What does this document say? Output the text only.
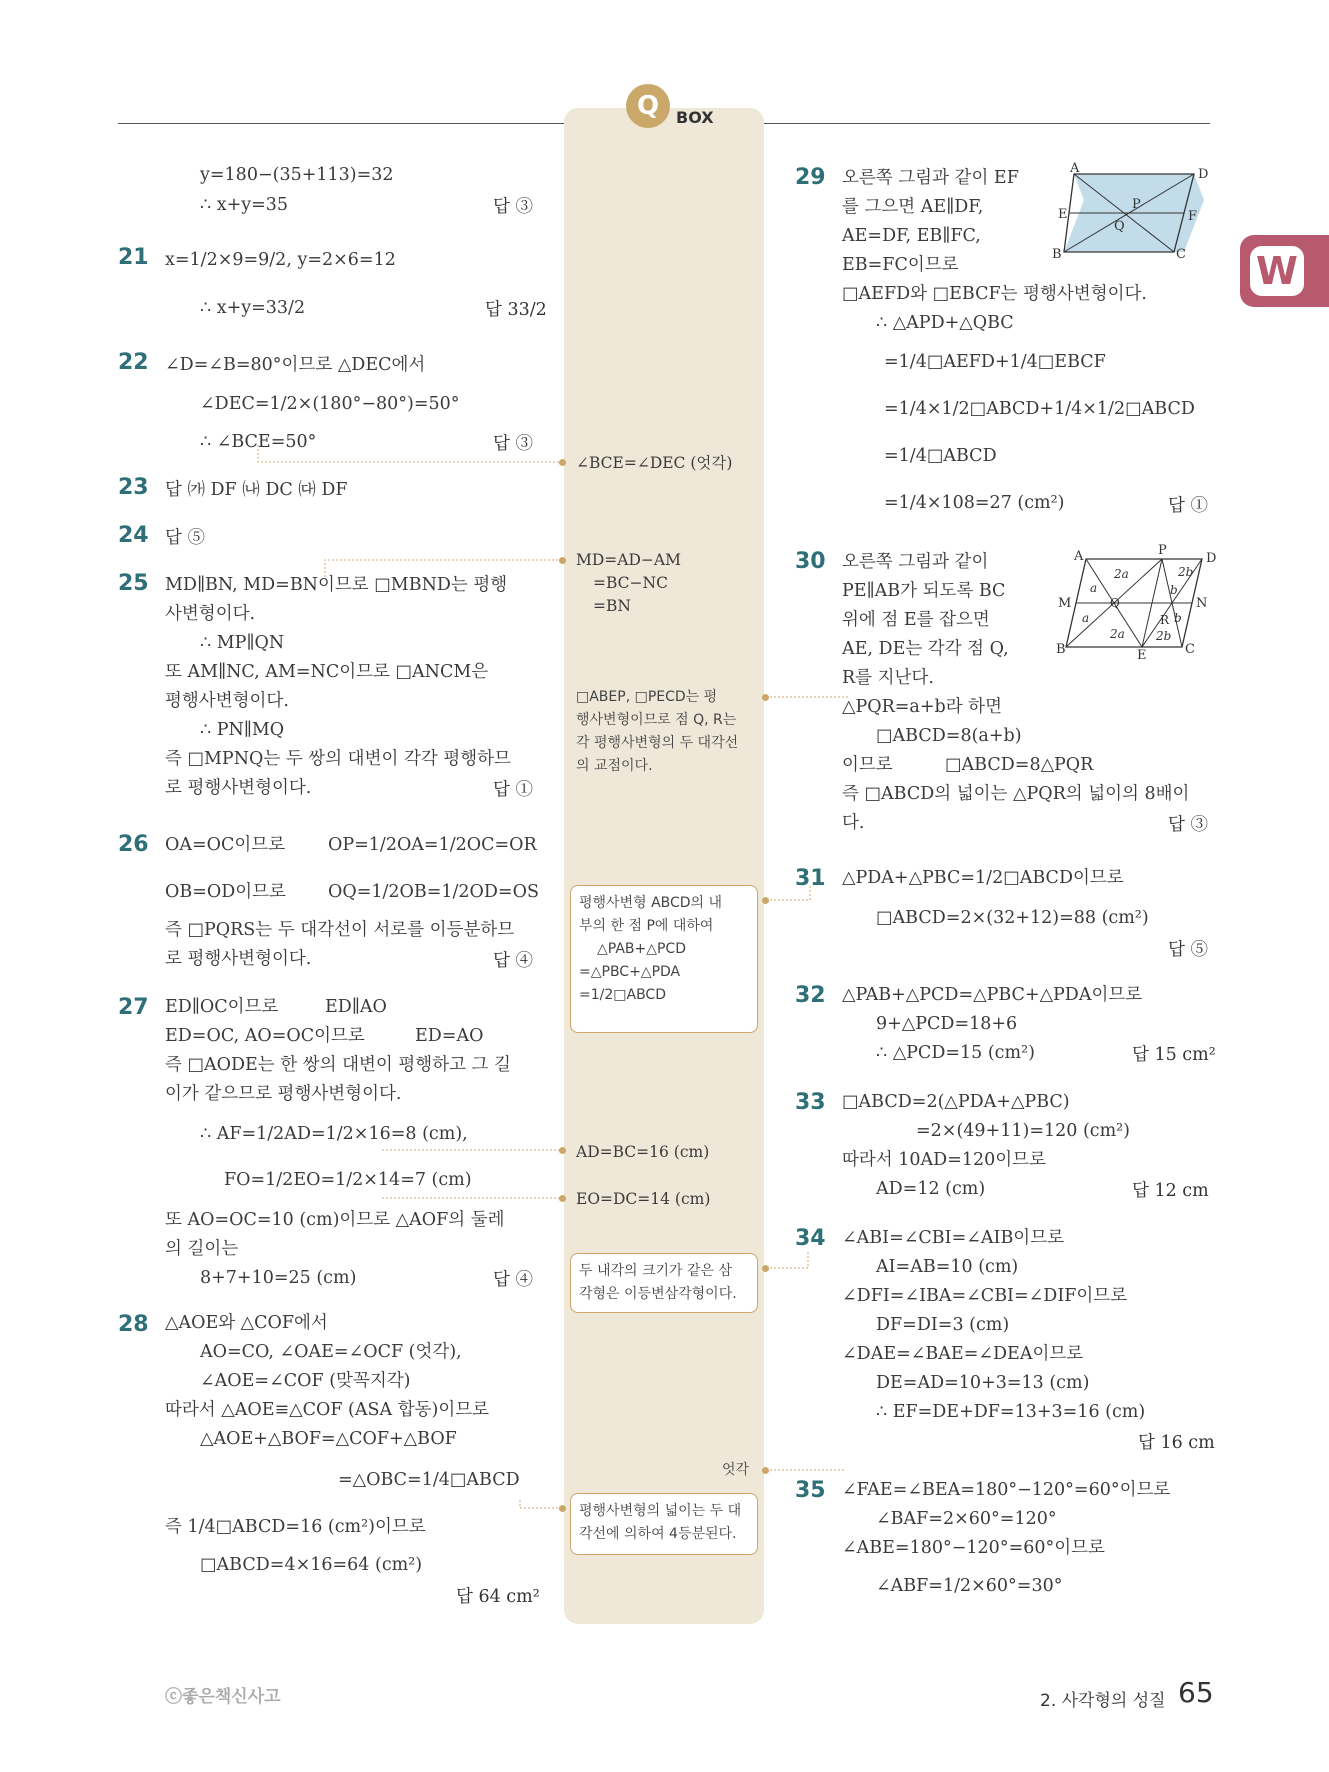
Q	BOX
W
y=180−(35+113)=32
∴ x+y=35	답 ③
21 x=1/2×9=9/2, y=2×6=12
∴ x+y=33/2	답 33/2
22 ∠D=∠B=80°이므로 △DEC에서
∠DEC=1/2×(180°−80°)=50°
∴ ∠BCE=50°	답 ③
23 답 ㈎ DF ㈏ DC ㈐ DF
24 답 ⑤
25 MD∥BN, MD=BN이므로 □MBND는 평행
사변형이다.
∴ MP∥QN
또 AM∥NC, AM=NC이므로 □ANCM은
평행사변형이다.
∴ PN∥MQ
즉 □MPNQ는 두 쌍의 대변이 각각 평행하므
로 평행사변형이다.	답 ①
26 OA=OC이므로 OP=1/2OA=1/2OC=OR
OB=OD이므로 OQ=1/2OB=1/2OD=OS
즉 □PQRS는 두 대각선이 서로를 이등분하므
로 평행사변형이다.	답 ④
27 ED∥OC이므로	ED∥AO
ED=OC, AO=OC이므로	ED=AO
즉 □AODE는 한 쌍의 대변이 평행하고 그 길
이가 같으므로 평행사변형이다.
∴ AF=1/2AD=1/2×16=8 (cm),
FO=1/2EO=1/2×14=7 (cm)
또 AO=OC=10 (cm)이므로 △AOF의 둘레
의 길이는
8+7+10=25 (cm)	답 ④
28 △AOE와 △COF에서
AO=CO, ∠OAE=∠OCF (엇각),
∠AOE=∠COF (맞꼭지각)
따라서 △AOE≡△COF (ASA 합동)이므로
△AOE+△BOF=△COF+△BOF
=△OBC=1/4□ABCD
즉 1/4□ABCD=16 (cm²)이므로
□ABCD=4×16=64 (cm²)
답 64 cm²
∠BCE=∠DEC (엇각)
MD=AD−AM
=BC−NC
=BN
□ABEP, □PECD는 평
행사변형이므로 점 Q, R는
각 평행사변형의 두 대각선
의 교점이다.
평행사변형 ABCD의 내
부의 한 점 P에 대하여
△PAB+△PCD
=△PBC+△PDA
=1/2□ABCD
AD=BC=16 (cm)
EO=DC=14 (cm)
두 내각의 크기가 같은 삼
각형은 이등변삼각형이다.
엇각
평행사변형의 넓이는 두 대
각선에 의하여 4등분된다.
29 오른쪽 그림과 같이 EF
를 그으면 AE∥DF,
AE=DF, EB∥FC,
EB=FC이므로
□AEFD와 □EBCF는 평행사변형이다.
∴ △APD+△QBC
=1/4□AEFD+1/4□EBCF
=1/4×1/2□ABCD+1/4×1/2□ABCD
=1/4□ABCD
=1/4×108=27 (cm²)	답 ①
A	D
E	F
B	C
P
Q
30 오른쪽 그림과 같이
PE∥AB가 되도록 BC
위에 점 E를 잡으면
AE, DE는 각각 점 Q,
R를 지난다.
△PQR=a+b라 하면
□ABCD=8(a+b)
이므로	□ABCD=8△PQR
즉 □ABCD의 넓이는 △PQR의 넓이의 8배이
다.	답 ③
A	P
D
M	N
B	E	C
Q
R
2a
a
a
2a
2b
b
b
2b
31 △PDA+△PBC=1/2□ABCD이므로
□ABCD=2×(32+12)=88 (cm²)
답 ⑤
32 △PAB+△PCD=△PBC+△PDA이므로
9+△PCD=18+6
∴ △PCD=15 (cm²)	답 15 cm²
33 □ABCD=2(△PDA+△PBC)
=2×(49+11)=120 (cm²)
따라서 10AD=120이므로
AD=12 (cm)	답 12 cm
34 ∠ABI=∠CBI=∠AIB이므로
AI=AB=10 (cm)
∠DFI=∠IBA=∠CBI=∠DIF이므로
DF=DI=3 (cm)
∠DAE=∠BAE=∠DEA이므로
DE=AD=10+3=13 (cm)
∴ EF=DE+DF=13+3=16 (cm)
답 16 cm
35 ∠FAE=∠BEA=180°−120°=60°이므로
∠BAF=2×60°=120°
∠ABE=180°−120°=60°이므로
∠ABF=1/2×60°=30°
ⓒ좋은책신사고	2. 사각형의 성질 65
